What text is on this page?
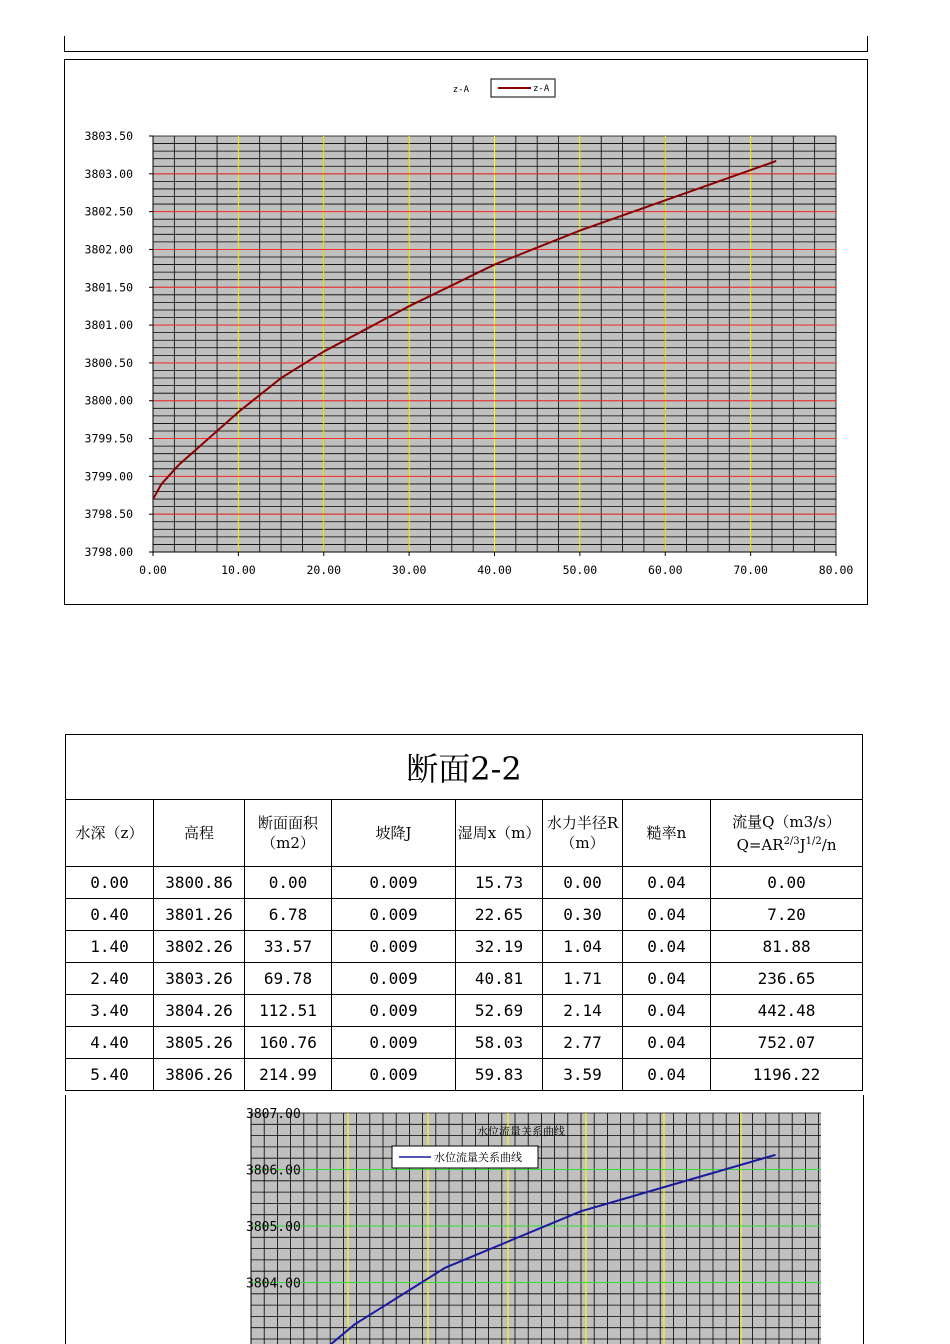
z-A	z-A
3798.00
3798.50
3799.00
3799.50
3800.00
3800.50
3801.00
3801.50
3802.00
3802.50
3803.00
3803.50
0.00	10.00	20.00	30.00	40.00	50.00	60.00	70.00	80.00
断面2-2							
水深（z）	高程	断面面积（m2）	坡降J	湿周x（m）	水力半径R（m）	糙率n	流量Q（m3/s）
$Q=AR^{2/3}J^{1/2}/n$

0.00	3800.86	0.00	0.009	15.73	0.00	0.04	0.00
0.40	3801.26	6.78	0.009	22.65	0.30	0.04	7.20
1.40	3802.26	33.57	0.009	32.19	1.04	0.04	81.88
2.40	3803.26	69.78	0.009	40.81	1.71	0.04	236.65
3.40	3804.26	112.51	0.009	52.69	2.14	0.04	442.48
4.40	3805.26	160.76	0.009	58.03	2.77	0.04	752.07
5.40	3806.26	214.99	0.009	59.83	3.59	0.04	1196.22
3807.00
3806.00
3805.00
3804.00
水位流量关系曲线
水位流量关系曲线
